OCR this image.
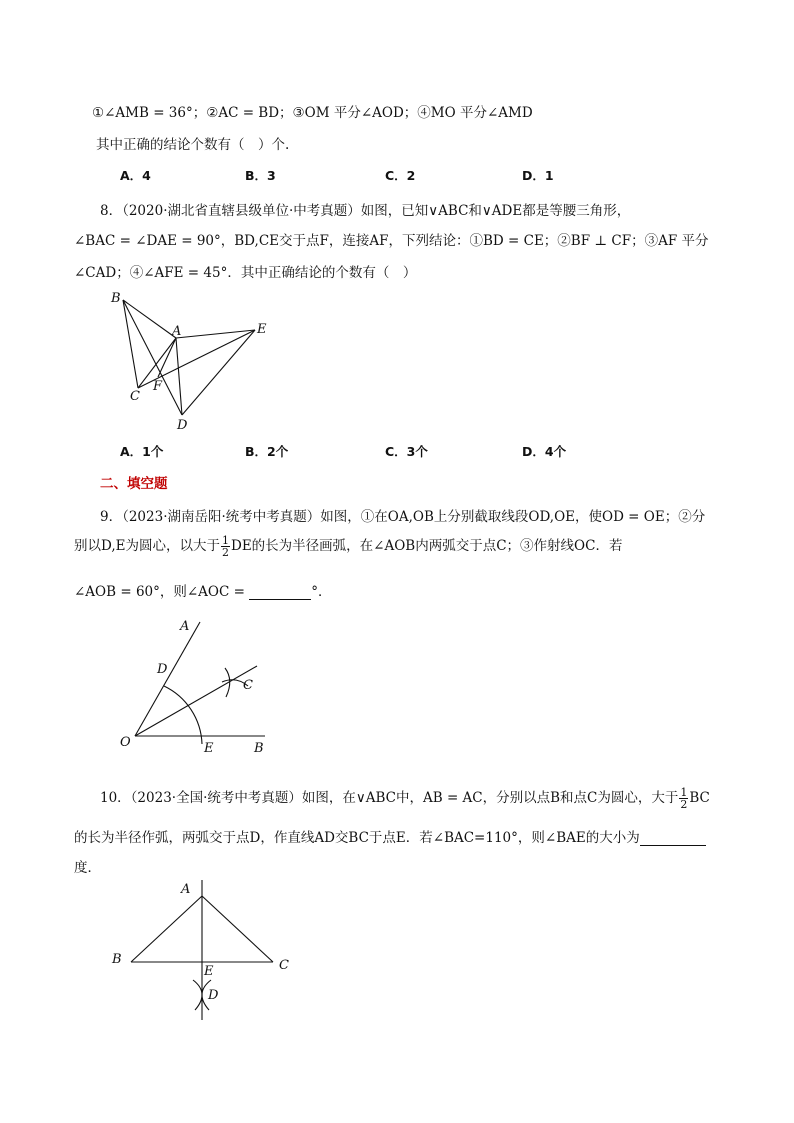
①∠AMB = 36°；②AC = BD；③OM 平分∠AOD；④MO 平分∠AMD
其中正确的结论个数有（　）个.
A．4	B．3	C．2	D．1
8．（2020·湖北省直辖县级单位·中考真题）如图，已知∨ABC和∨ADE都是等腰三角形，
∠BAC = ∠DAE = 90°，BD,CE交于点F，连接AF，下列结论：①BD = CE；②BF ⊥ CF；③AF 平分
∠CAD；④∠AFE = 45°．其中正确结论的个数有（　）
B
A	E
F
C
D
A．1个	B．2个	C．3个	D．4个
二、填空题
9．（2023·湖南岳阳·统考中考真题）如图，①在OA,OB上分别截取线段OD,OE，使OD = OE；②分
别以D,E为圆心，以大于 $\frac{1}{2}$ DE的长为半径画弧，在∠AOB内两弧交于点C；③作射线OC．若
∠AOB = 60°，则∠AOC =	°．
A
D
C
O	E	B
10．（2023·全国·统考中考真题）如图，在∨ABC中，AB = AC，分别以点B和点C为圆心，大于 $\frac{1}{2}$ BC
的长为半径作弧，两弧交于点D，作直线AD交BC于点E．若∠BAC=110°，则∠BAE的大小为
度．
A
B	C
E
D
